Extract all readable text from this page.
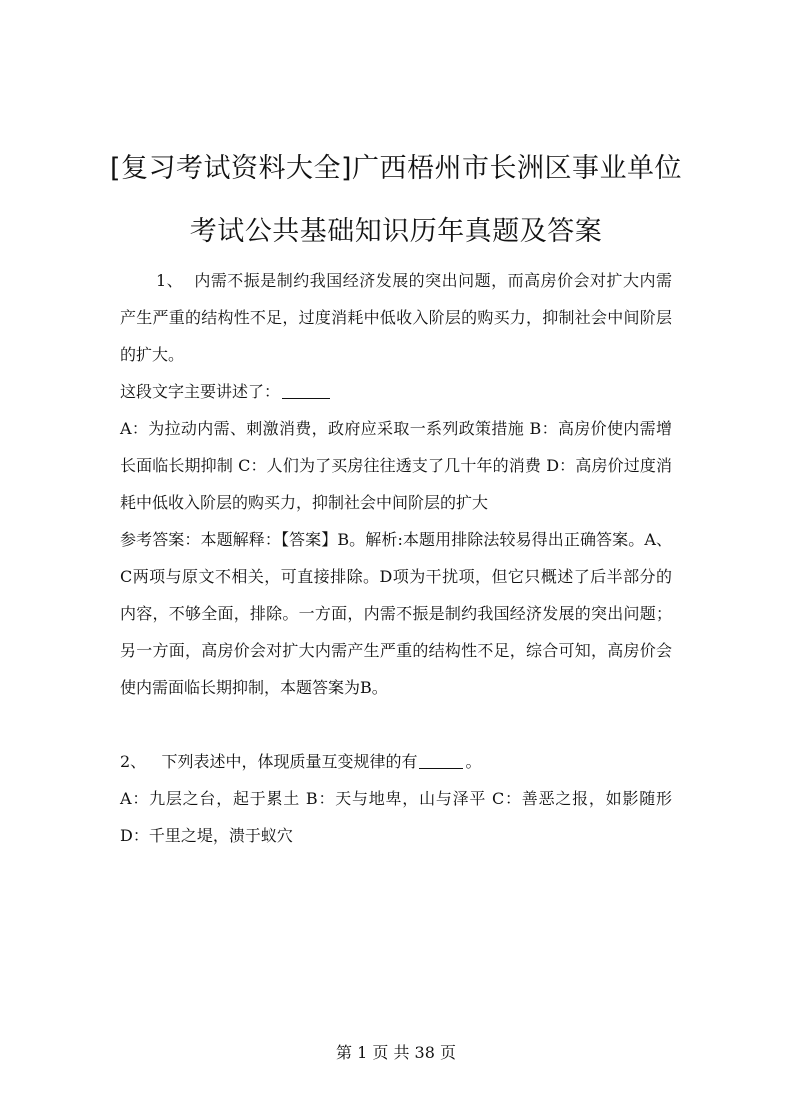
[复习考试资料大全]广西梧州市长洲区事业单位
考试公共基础知识历年真题及答案

1、 内需不振是制约我国经济发展的突出问题，而高房价会对扩大内需产生严重的结构性不足，过度消耗中低收入阶层的购买力，抑制社会中间阶层的扩大。

这段文字主要讲述了：

A：为拉动内需、刺激消费，政府应采取一系列政策措施 B：高房价使内需增长面临长期抑制 C：人们为了买房往往透支了几十年的消费 D：高房价过度消耗中低收入阶层的购买力，抑制社会中间阶层的扩大

参考答案：本题解释：【答案】B。解析:本题用排除法较易得出正确答案。A、C两项与原文不相关，可直接排除。D项为干扰项，但它只概述了后半部分的内容，不够全面，排除。一方面，内需不振是制约我国经济发展的突出问题；另一方面，高房价会对扩大内需产生严重的结构性不足，综合可知，高房价会使内需面临长期抑制，本题答案为B。

2、 下列表述中，体现质量互变规律的有	。

A：九层之台，起于累土 B：天与地卑，山与泽平 C：善恶之报，如影随形 D：千里之堤，溃于蚁穴

第 1 页 共 38 页
